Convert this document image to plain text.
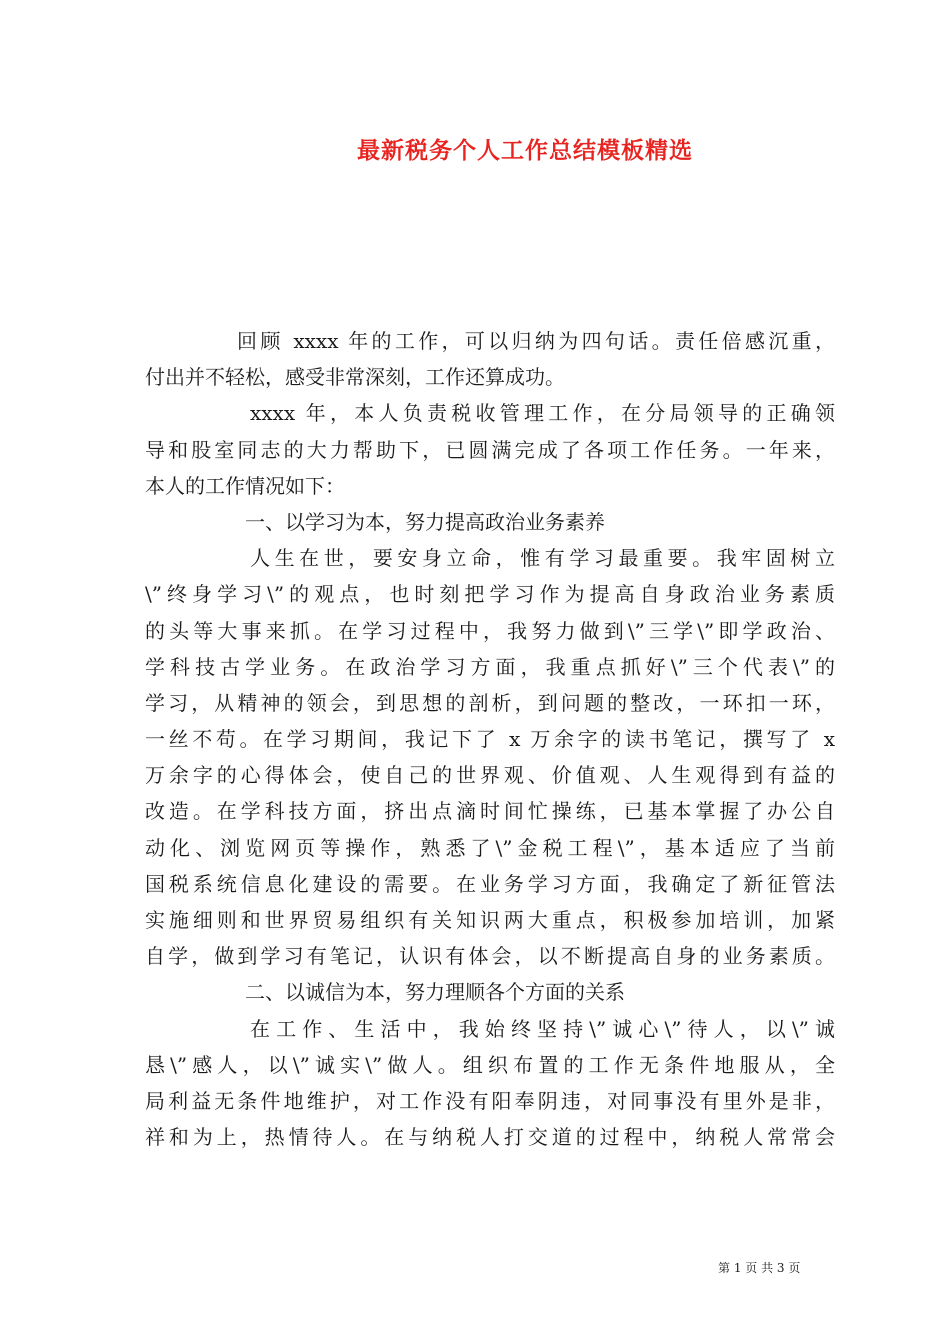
最新税务个人工作总结模板精选
回顾 xxxx 年的工作，可以归纳为四句话。责任倍感沉重，
付出并不轻松，感受非常深刻，工作还算成功。
xxxx 年，本人负责税收管理工作，在分局领导的正确领
导和股室同志的大力帮助下，已圆满完成了各项工作任务。一年来，
本人的工作情况如下：
一、以学习为本，努力提高政治业务素养
人生在世，要安身立命，惟有学习最重要。我牢固树立
\”终身学习\”的观点，也时刻把学习作为提高自身政治业务素质
的头等大事来抓。在学习过程中，我努力做到\”三学\”即学政治、
学科技古学业务。在政治学习方面，我重点抓好\”三个代表\”的
学习，从精神的领会，到思想的剖析，到问题的整改，一环扣一环，
一丝不苟。在学习期间，我记下了 x 万余字的读书笔记，撰写了 x
万余字的心得体会，使自己的世界观、价值观、人生观得到有益的
改造。在学科技方面，挤出点滴时间忙操练，已基本掌握了办公自
动化、浏览网页等操作，熟悉了\”金税工程\”，基本适应了当前
国税系统信息化建设的需要。在业务学习方面，我确定了新征管法
实施细则和世界贸易组织有关知识两大重点，积极参加培训，加紧
自学，做到学习有笔记，认识有体会，以不断提高自身的业务素质。
二、以诚信为本，努力理顺各个方面的关系
在工作、生活中，我始终坚持\”诚心\”待人，以\”诚
恳\”感人，以\”诚实\”做人。组织布置的工作无条件地服从，全
局利益无条件地维护，对工作没有阳奉阴违，对同事没有里外是非，
祥和为上，热情待人。在与纳税人打交道的过程中，纳税人常常会
第 1 页 共 3 页
